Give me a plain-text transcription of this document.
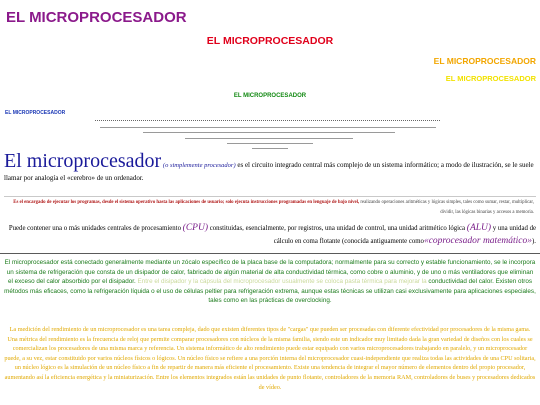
EL MICROPROCESADOR
EL MICROPROCESADOR
EL MICROPROCESADOR
EL MICROPROCESADOR
EL MICROPROCESADOR
EL MICROPROCESADOR
El microprocesador (o simplemente procesador) es el circuito integrado central más complejo de un sistema informático; a modo de ilustración, se le suele llamar por analogía el «cerebro» de un ordenador.
Es el encargado de ejecutar los programas, desde el sistema operativo hasta las aplicaciones de usuario; solo ejecuta instrucciones programadas en lenguaje de bajo nivel, realizando operaciones aritméticas y lógicas simples, tales como sumar, restar, multiplicar, dividir, las lógicas binarias y accesos a memoria.
Puede contener una o más unidades centrales de procesamiento (CPU) constituidas, esencialmente, por registros, una unidad de control, una unidad aritmético lógica (ALU) y una unidad de cálculo en coma flotante (conocida antiguamente como«coprocesador matemático»).
El microprocesador está conectado generalmente mediante un zócalo específico de la placa base de la computadora; normalmente para su correcto y estable funcionamiento, se le incorpora un sistema de refrigeración que consta de un disipador de calor, fabricado de algún material de alta conductividad térmica, como cobre o aluminio, y de uno o más ventiladores que eliminan el exceso del calor absorbido por el disipador. Entre el disipador y la cápsula del microprocesador usualmente se coloca pasta térmica para mejorar la conductividad del calor. Existen otros métodos más eficaces, como la refrigeración líquida o el uso de células peltier para refrigeración extrema, aunque estas técnicas se utilizan casi exclusivamente para aplicaciones especiales, tales como en las prácticas de overclocking.
La medición del rendimiento de un microprocesador es una tarea compleja, dado que existen diferentes tipos de "cargas" que pueden ser procesadas con diferente efectividad por procesadores de la misma gama. Una métrica del rendimiento es la frecuencia de reloj que permite comparar procesadores con núcleos de la misma familia, siendo este un indicador muy limitado dada la gran variedad de diseños con los cuales se comercializan los procesadores de una misma marca y referencia. Un sistema informático de alto rendimiento puede estar equipado con varios microprocesadores trabajando en paralelo, y un microprocesador puede, a su vez, estar constituido por varios núcleos físicos o lógicos. Un núcleo físico se refiere a una porción interna del microprocesador cuasi-independiente que realiza todas las actividades de una CPU solitaria, un núcleo lógico es la simulación de un núcleo físico a fin de repartir de manera más eficiente el procesamiento. Existe una tendencia de integrar el mayor número de elementos dentro del propio procesador, aumentando así la eficiencia energética y la miniaturización. Entre los elementos integrados están las unidades de punto flotante, controladores de la memoria RAM, controladores de buses y procesadores dedicados de vídeo.
